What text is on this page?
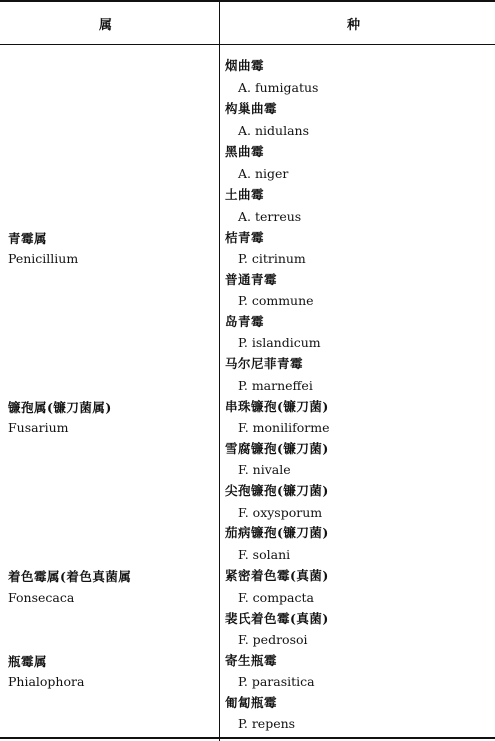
属	种
青霉属
Penicillium
镰孢属(镰刀菌属)
Fusarium
着色霉属(着色真菌属
Fonsecaca
瓶霉属
Phialophora
烟曲霉
A. fumigatus
构巢曲霉
A. nidulans
黑曲霉
A. niger
土曲霉
A. terreus
桔青霉
P. citrinum
普通青霉
P. commune
岛青霉
P. islandicum
马尔尼菲青霉
P. marneffei
串珠镰孢(镰刀菌)
F. moniliforme
雪腐镰孢(镰刀菌)
F. nivale
尖孢镰孢(镰刀菌)
F. oxysporum
茄病镰孢(镰刀菌)
F. solani
紧密着色霉(真菌)
F. compacta
裴氏着色霉(真菌)
F. pedrosoi
寄生瓶霉
P. parasitica
匍匐瓶霉
P. repens
